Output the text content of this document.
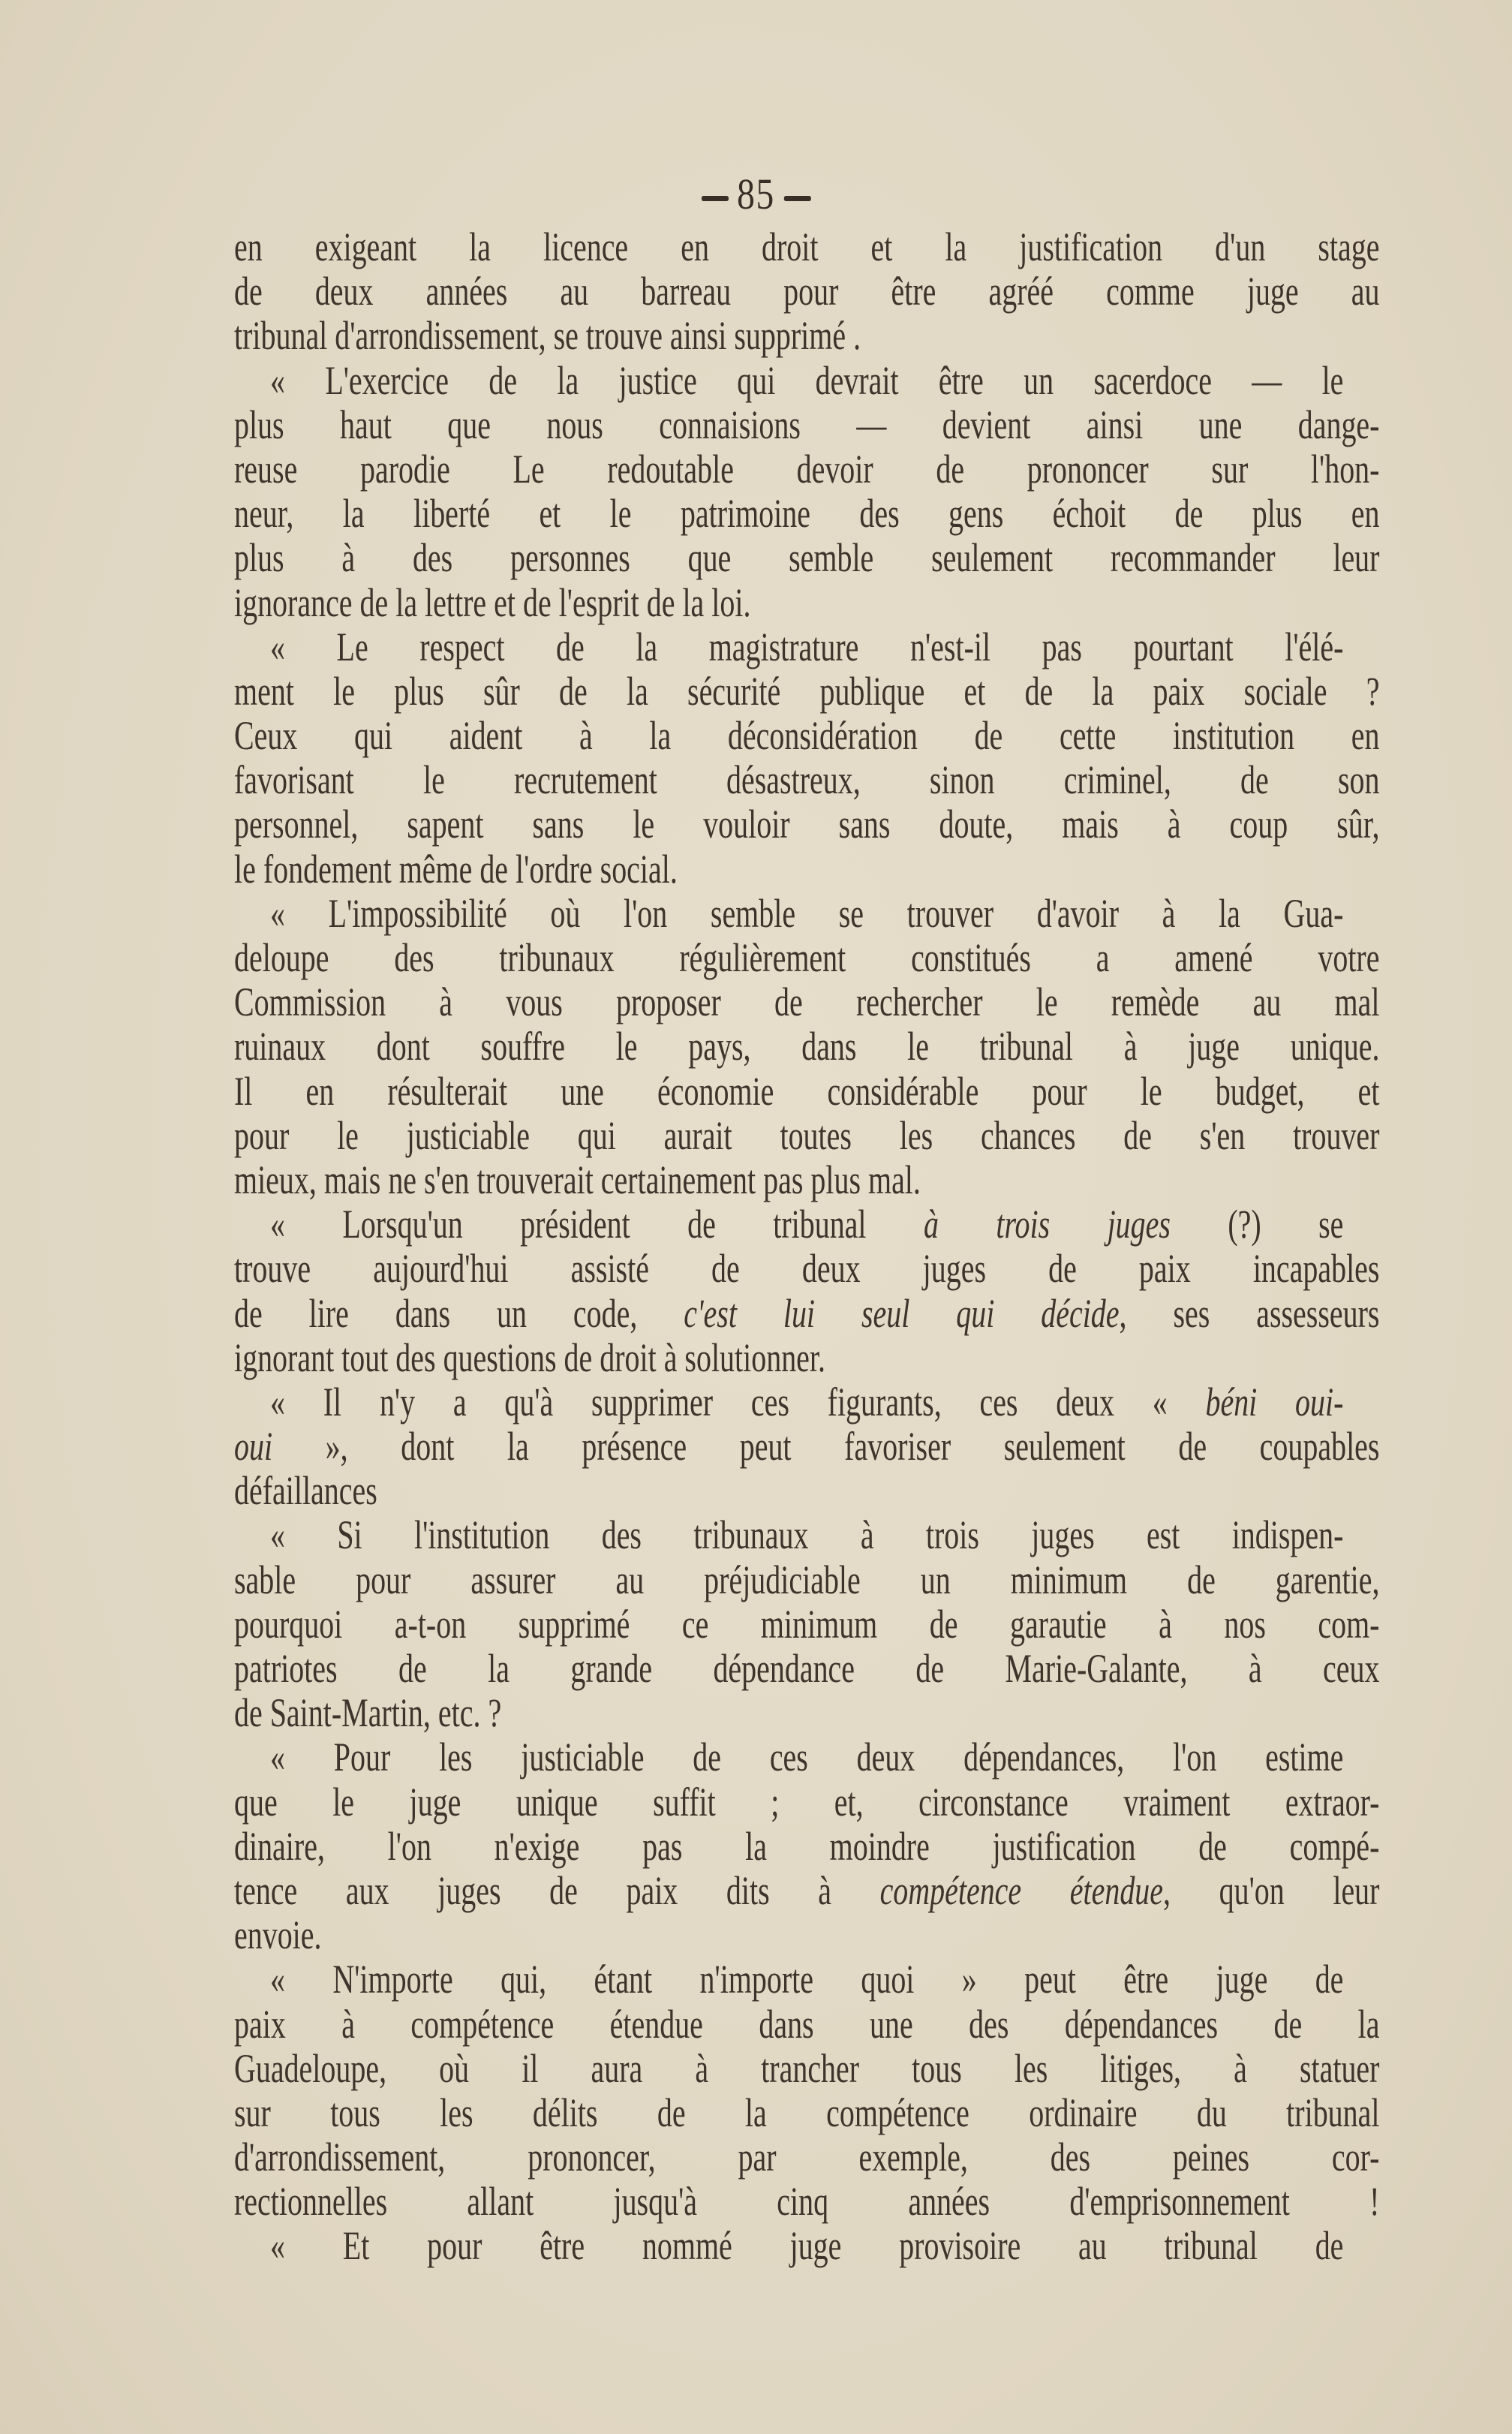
85
en exigeant la licence en droit et la justification d'un stage
de deux années au barreau pour être agréé comme juge au
tribunal d'arrondissement, se trouve ainsi supprimé .
« L'exercice de la justice qui devrait être un sacerdoce — le
plus haut que nous connaisions — devient ainsi une dange-
reuse parodie Le redoutable devoir de prononcer sur l'hon-
neur, la liberté et le patrimoine des gens échoit de plus en
plus à des personnes que semble seulement recommander leur
ignorance de la lettre et de l'esprit de la loi.
« Le respect de la magistrature n'est-il pas pourtant l'élé-
ment le plus sûr de la sécurité publique et de la paix sociale ?
Ceux qui aident à la déconsidération de cette institution en
favorisant le recrutement désastreux, sinon criminel, de son
personnel, sapent sans le vouloir sans doute, mais à coup sûr,
le fondement même de l'ordre social.
« L'impossibilité où l'on semble se trouver d'avoir à la Gua-
deloupe des tribunaux régulièrement constitués a amené votre
Commission à vous proposer de rechercher le remède au mal
ruinaux dont souffre le pays, dans le tribunal à juge unique.
Il en résulterait une économie considérable pour le budget, et
pour le justiciable qui aurait toutes les chances de s'en trouver
mieux, mais ne s'en trouverait certainement pas plus mal.
« Lorsqu'un président de tribunal à trois juges (?) se
trouve aujourd'hui assisté de deux juges de paix incapables
de lire dans un code, c'est lui seul qui décide, ses assesseurs
ignorant tout des questions de droit à solutionner.
« Il n'y a qu'à supprimer ces figurants, ces deux « béni oui-
oui », dont la présence peut favoriser seulement de coupables
défaillances
« Si l'institution des tribunaux à trois juges est indispen-
sable pour assurer au préjudiciable un minimum de garentie,
pourquoi a-t-on supprimé ce minimum de garautie à nos com-
patriotes de la grande dépendance de Marie-Galante, à ceux
de Saint-Martin, etc. ?
« Pour les justiciable de ces deux dépendances, l'on estime
que le juge unique suffit ; et, circonstance vraiment extraor-
dinaire, l'on n'exige pas la moindre justification de compé-
tence aux juges de paix dits à compétence étendue, qu'on leur
envoie.
« N'importe qui, étant n'importe quoi » peut être juge de
paix à compétence étendue dans une des dépendances de la
Guadeloupe, où il aura à trancher tous les litiges, à statuer
sur tous les délits de la compétence ordinaire du tribunal
d'arrondissement, prononcer, par exemple, des peines cor-
rectionnelles allant jusqu'à cinq années d'emprisonnement !
« Et pour être nommé juge provisoire au tribunal de
